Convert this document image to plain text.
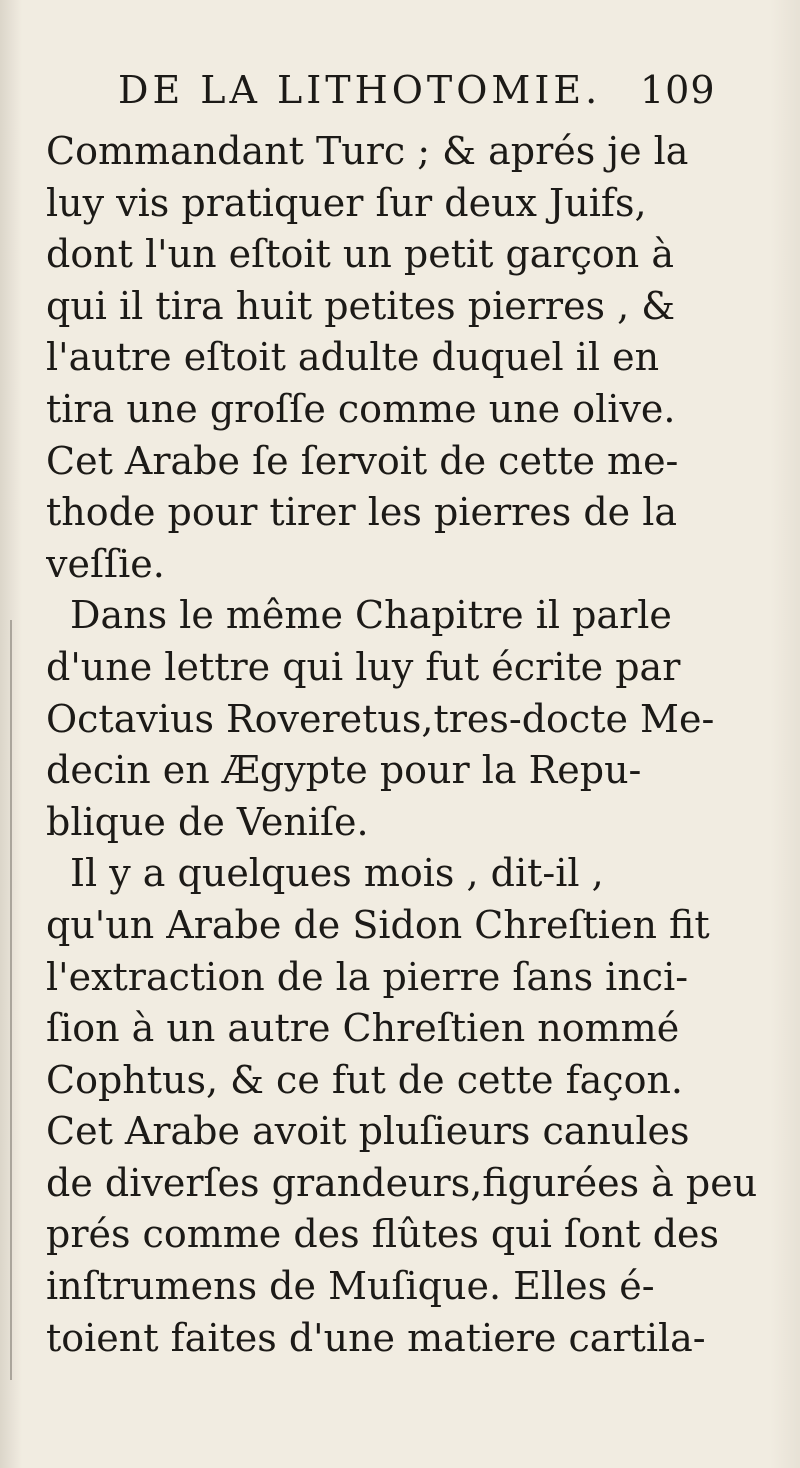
DE LA LITHOTOMIE. 109
Commandant Turc ; & aprés je la
luy vis pratiquer ſur deux Juifs,
dont l'un eſtoit un petit garçon à
qui il tira huit petites pierres , &
l'autre eſtoit adulte duquel il en
tira une groſſe comme une olive.
Cet Arabe ſe ſervoit de cette me-
thode pour tirer les pierres de la
veſſie.
Dans le même Chapitre il parle
d'une lettre qui luy fut écrite par
Octavius Roveretus,tres-docte Me-
decin en Ægypte pour la Repu-
blique de Veniſe.
Il y a quelques mois , dit-il ,
qu'un Arabe de Sidon Chreſtien fit
l'extraction de la pierre ſans inci-
ſion à un autre Chreſtien nommé
Cophtus, & ce fut de cette façon.
Cet Arabe avoit pluſieurs canules
de diverſes grandeurs,figurées à peu
prés comme des flûtes qui ſont des
inſtrumens de Muſique. Elles é-
toient faites d'une matiere cartila-
